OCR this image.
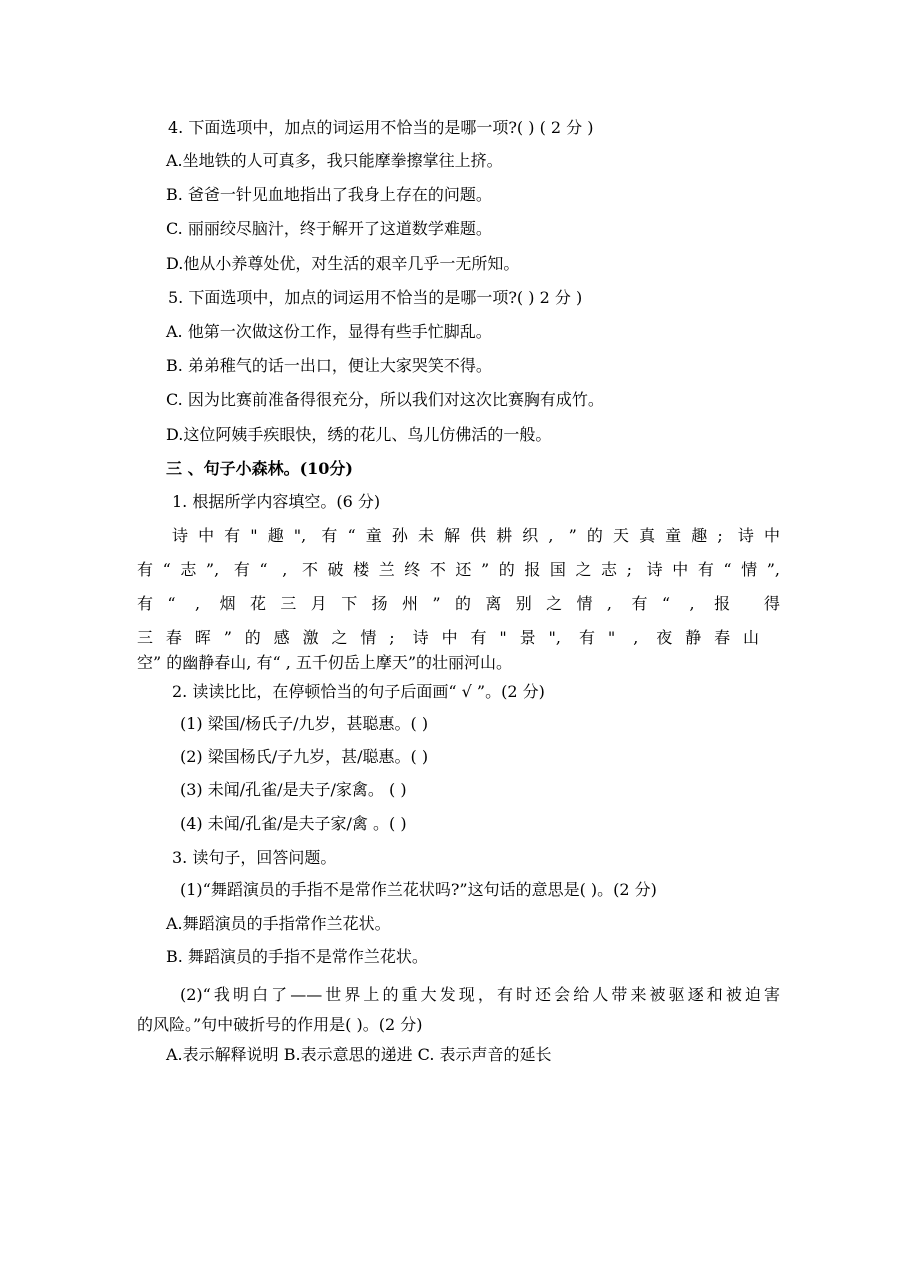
4. 下面选项中，加点的词运用不恰当的是哪一项?( ) ( 2 分 )

A.坐地铁的人可真多，我只能摩拳擦掌往上挤。

B. 爸爸一针见血地指出了我身上存在的问题。

C. 丽丽绞尽脑汁，终于解开了这道数学难题。

D.他从小养尊处优，对生活的艰辛几乎一无所知。

5. 下面选项中，加点的词运用不恰当的是哪一项?( ) 2 分 )

A. 他第一次做这份工作，显得有些手忙脚乱。

B. 弟弟稚气的话一出口，便让大家哭笑不得。

C. 因为比赛前准备得很充分，所以我们对这次比赛胸有成竹。

D.这位阿姨手疾眼快，绣的花儿、鸟儿仿佛活的一般。

三 、句子小森林。(10分)

1. 根据所学内容填空。(6 分)

诗中有"趣", 有“童孙未解供耕织, ”的天真童趣; 诗中

有“志”, 有“ , 不破楼兰终不还”的报国之志; 诗中有“情”,

有“ , 烟花三月下扬州”的离别之情, 有“ , 报 得

三春晖”的感激之情; 诗中有"景", 有" , 夜静春山

空” 的幽静春山, 有“ , 五千仞岳上摩天”的壮丽河山。

2. 读读比比，在停顿恰当的句子后面画“ √ ”。(2 分)

(1) 梁国/杨氏子/九岁，甚聪惠。( )

(2) 梁国杨氏/子九岁，甚/聪惠。( )

(3) 未闻/孔雀/是夫子/家禽。 ( )

(4) 未闻/孔雀/是夫子家/禽 。( )

3. 读句子，回答问题。

(1)“舞蹈演员的手指不是常作兰花状吗?”这句话的意思是( )。(2 分)

A.舞蹈演员的手指常作兰花状。

B. 舞蹈演员的手指不是常作兰花状。

(2)“我明白了——世界上的重大发现，有时还会给人带来被驱逐和被迫害

的风险。”句中破折号的作用是( )。(2 分)

A.表示解释说明 B.表示意思的递进 C. 表示声音的延长
